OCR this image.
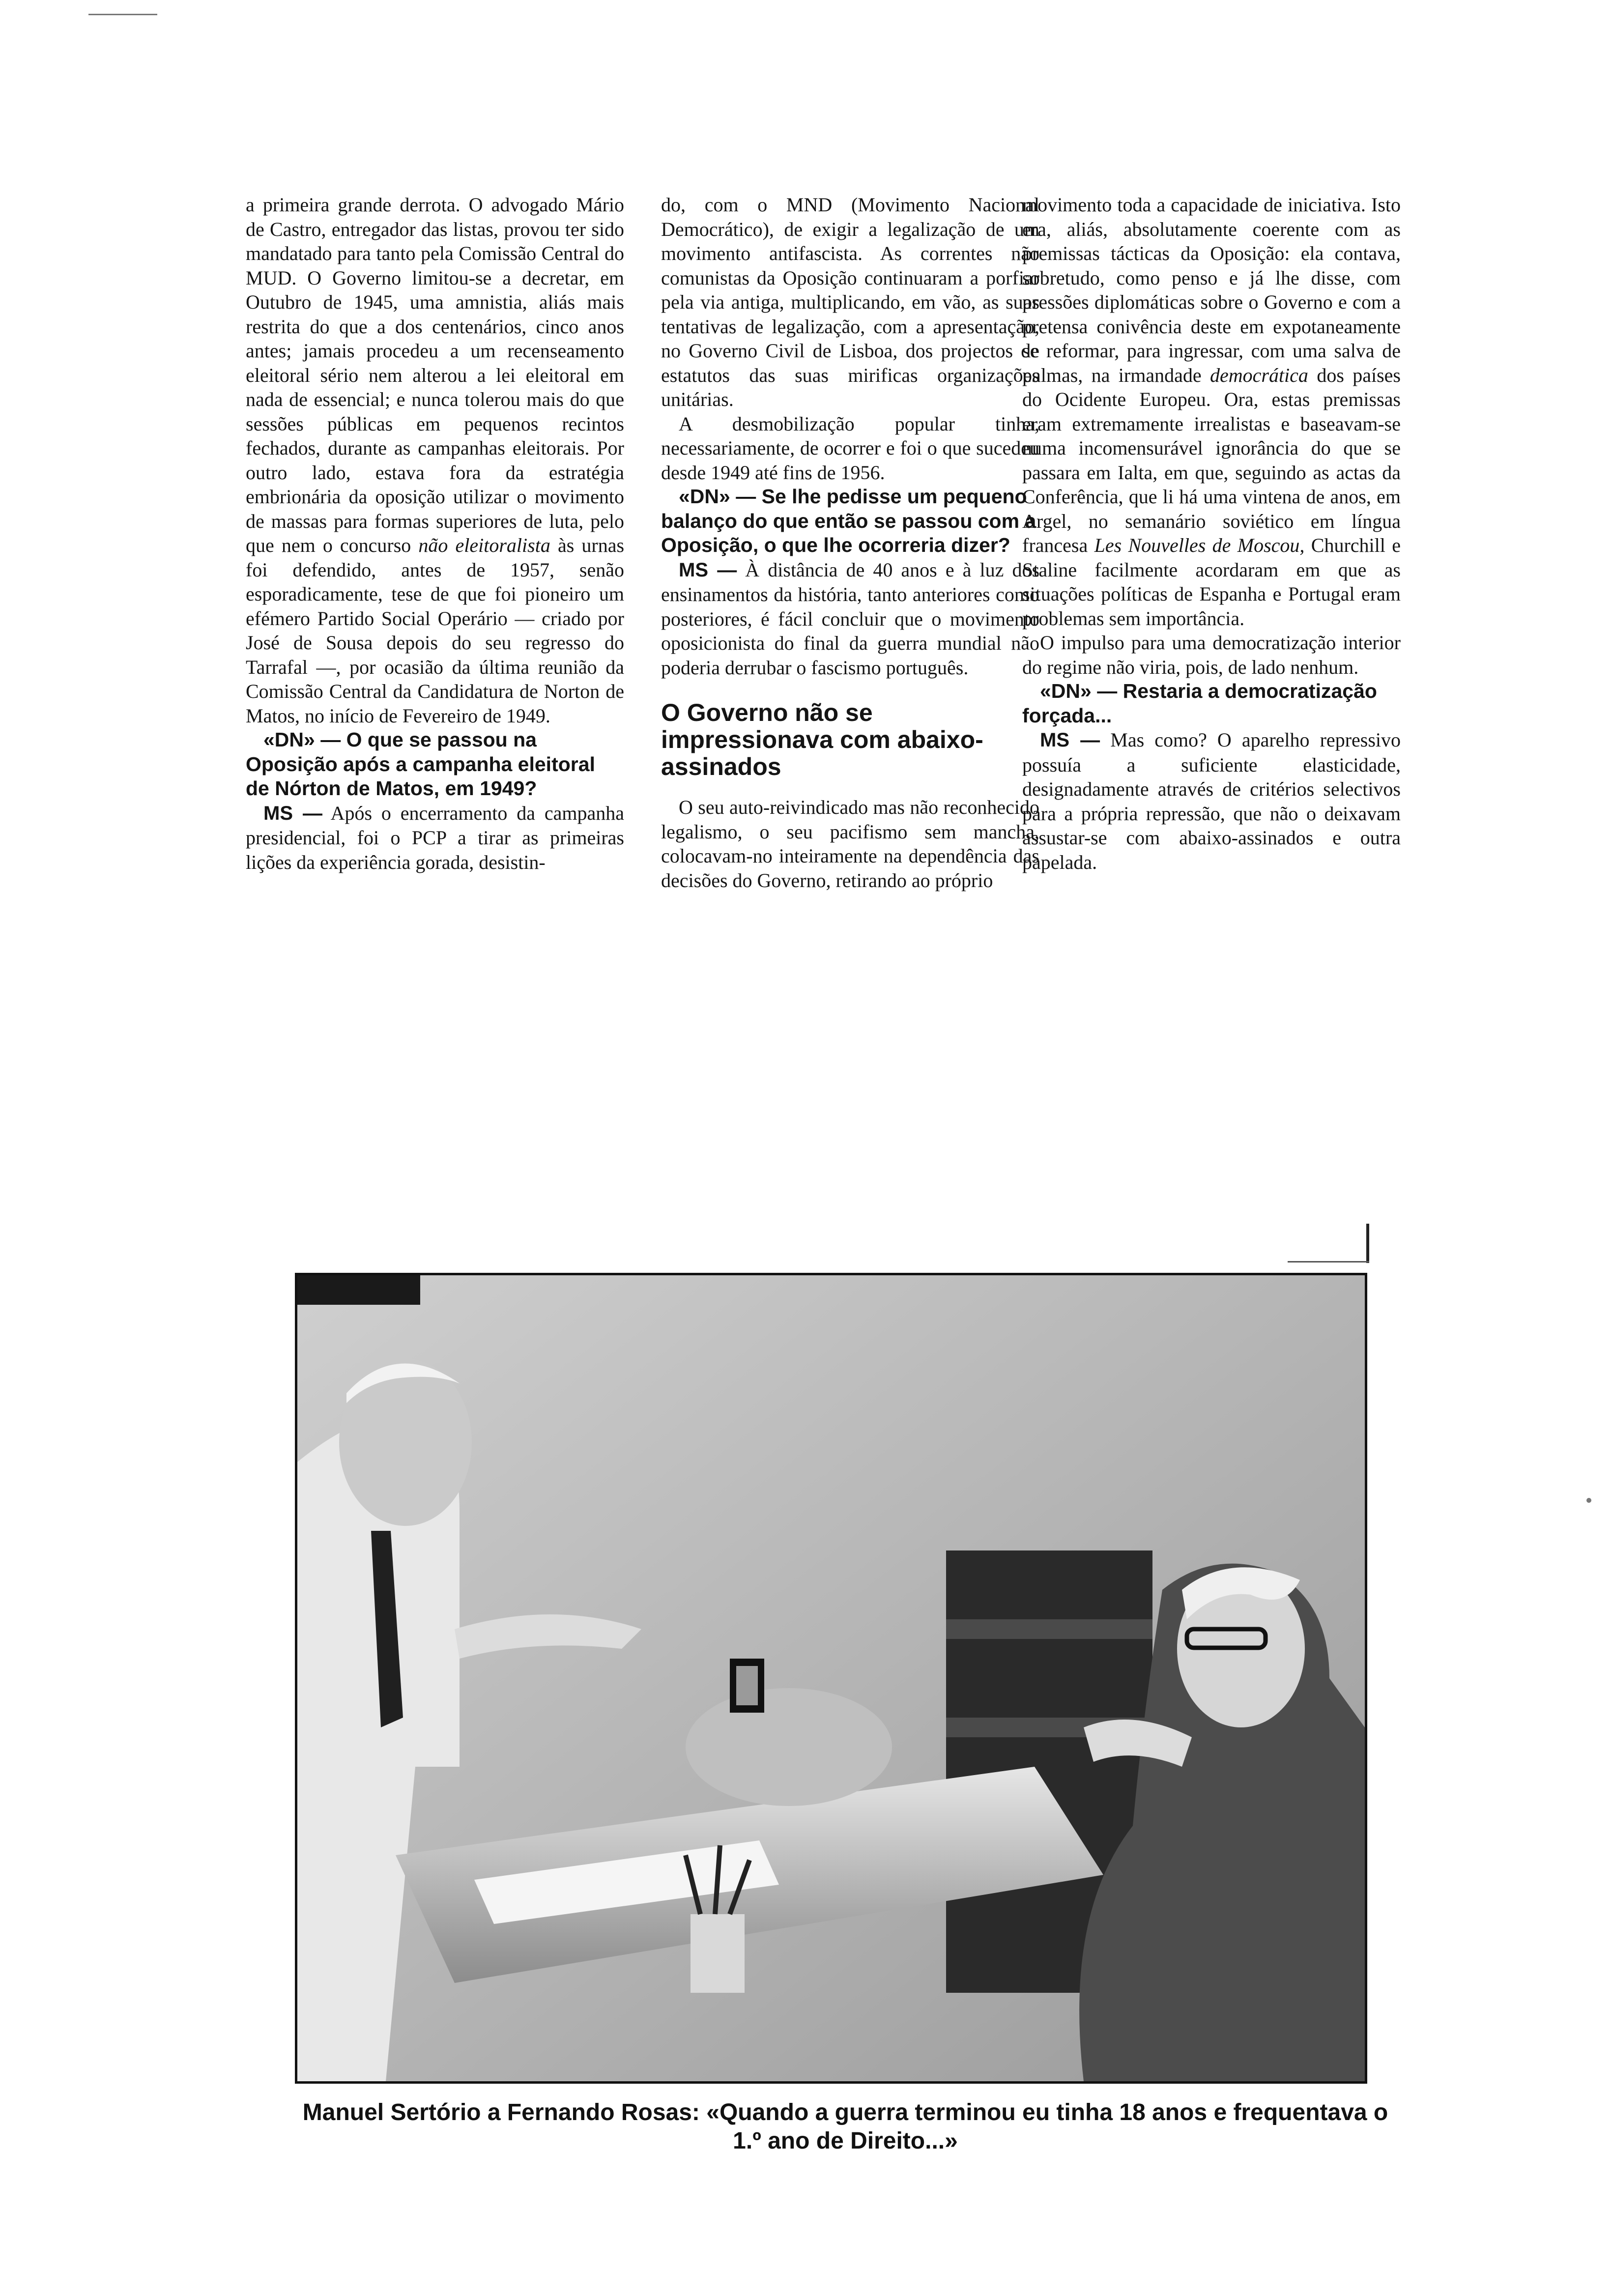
a primeira grande derrota. O advogado Mário de Castro, entregador das listas, provou ter sido mandatado para tanto pela Comissão Central do MUD. O Governo limitou-se a decretar, em Outubro de 1945, uma amnistia, aliás mais restrita do que a dos centenários, cinco anos antes; jamais procedeu a um recenseamento eleitoral sério nem alterou a lei eleitoral em nada de essencial; e nunca tolerou mais do que sessões públicas em pequenos recintos fechados, durante as campanhas eleitorais. Por outro lado, estava fora da estratégia embrionária da oposição utilizar o movimento de massas para formas superiores de luta, pelo que nem o concurso não eleitoralista às urnas foi defendido, antes de 1957, senão esporadicamente, tese de que foi pioneiro um efémero Partido Social Operário — criado por José de Sousa depois do seu regresso do Tarrafal —, por ocasião da última reunião da Comissão Central da Candidatura de Norton de Matos, no início de Fevereiro de 1949.

«DN» — O que se passou na Oposição após a campanha eleitoral de Nórton de Matos, em 1949?

MS — Após o encerramento da campanha presidencial, foi o PCP a tirar as primeiras lições da experiência gorada, desistin-

do, com o MND (Movimento Nacional Democrático), de exigir a legalização de um movimento antifascista. As correntes não comunistas da Oposição continuaram a porfiar pela via antiga, multiplicando, em vão, as suas tentativas de legalização, com a apresentação, no Governo Civil de Lisboa, dos projectos de estatutos das suas mirificas organizações unitárias.

A desmobilização popular tinha, necessariamente, de ocorrer e foi o que sucedeu desde 1949 até fins de 1956.

«DN» — Se lhe pedisse um pequeno balanço do que então se passou com a Oposição, o que lhe ocorreria dizer?

MS — À distância de 40 anos e à luz dos ensinamentos da história, tanto anteriores como posteriores, é fácil concluir que o movimento oposicionista do final da guerra mundial não poderia derrubar o fascismo português.

O Governo não se impressionava com abaixo-assinados

O seu auto-reivindicado mas não reconhecido legalismo, o seu pacifismo sem mancha, colocavam-no inteiramente na dependência das decisões do Governo, retirando ao próprio

movimento toda a capacidade de iniciativa. Isto era, aliás, absolutamente coerente com as premissas tácticas da Oposição: ela contava, sobretudo, como penso e já lhe disse, com pressões diplomáticas sobre o Governo e com a pretensa conivência deste em expotaneamente se reformar, para ingressar, com uma salva de palmas, na irmandade democrática dos países do Ocidente Europeu. Ora, estas premissas eram extremamente irrealistas e baseavam-se numa incomensurável ignorância do que se passara em Ialta, em que, seguindo as actas da Conferência, que li há uma vintena de anos, em Argel, no semanário soviético em língua francesa Les Nouvelles de Moscou, Churchill e Staline facilmente acordaram em que as situações políticas de Espanha e Portugal eram problemas sem importância.

O impulso para uma democratização interior do regime não viria, pois, de lado nenhum.

«DN» — Restaria a democratização forçada...

MS — Mas como? O aparelho repressivo possuía a suficiente elasticidade, designadamente através de critérios selectivos para a própria repressão, que não o deixavam assustar-se com abaixo-assinados e outra papelada.

Manuel Sertório a Fernando Rosas: «Quando a guerra terminou eu tinha 18 anos e frequentava o 1.º ano de Direito...»
